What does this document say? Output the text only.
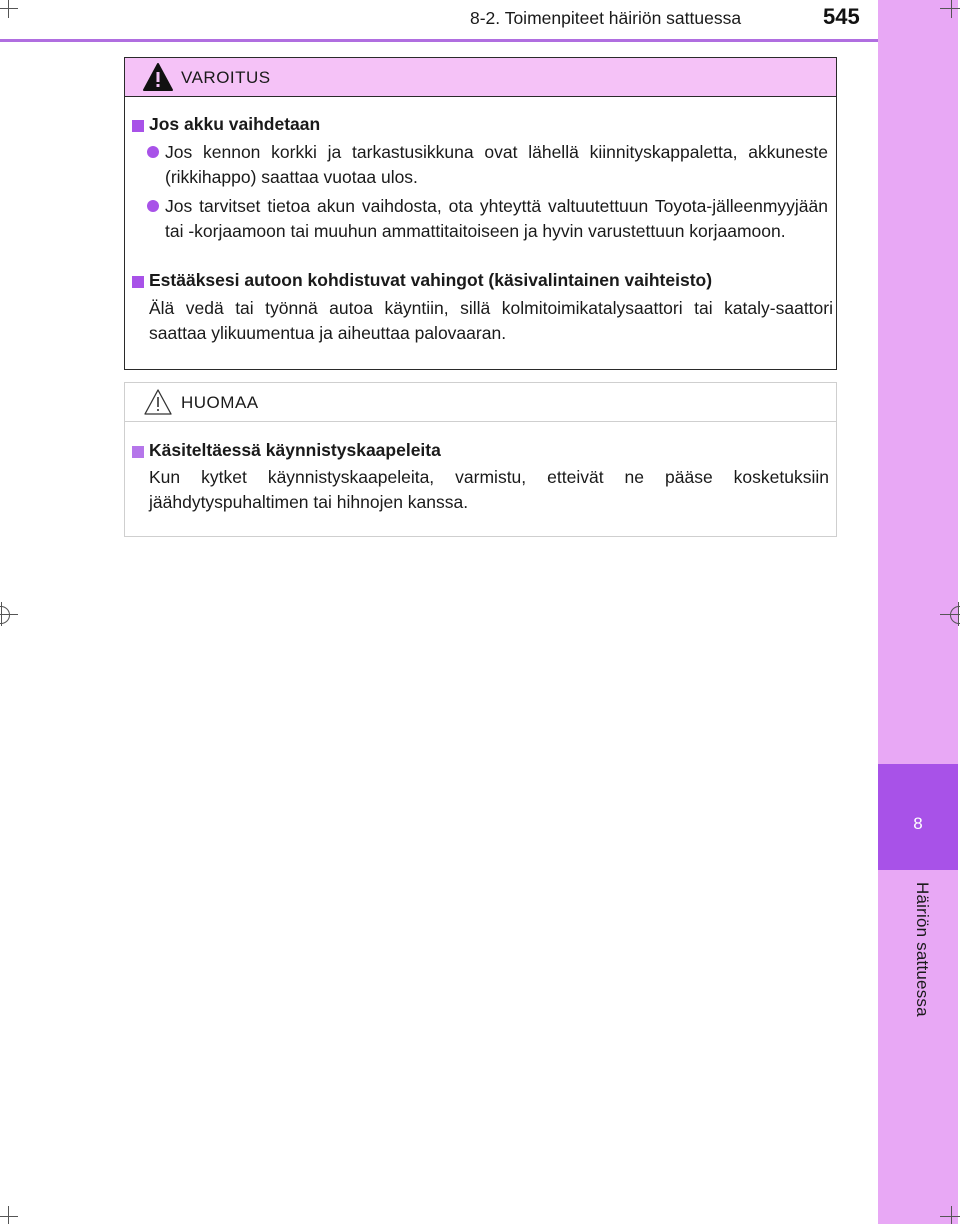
8-2. Toimenpiteet häiriön sattuessa	545
8
Häiriön sattuessa
VAROITUS
Jos akku vaihdetaan
Jos kennon korkki ja tarkastusikkuna ovat lähellä kiinnityskappaletta, akkuneste (rikkihappo) saattaa vuotaa ulos.
Jos tarvitset tietoa akun vaihdosta, ota yhteyttä valtuutettuun Toyota-jälleenmyyjään tai -korjaamoon tai muuhun ammattitaitoiseen ja hyvin varustettuun korjaamoon.
Estääksesi autoon kohdistuvat vahingot (käsivalintainen vaihteisto)
Älä vedä tai työnnä autoa käyntiin, sillä kolmitoimikatalysaattori tai kataly-saattori saattaa ylikuumentua ja aiheuttaa palovaaran.
HUOMAA
Käsiteltäessä käynnistyskaapeleita
Kun kytket käynnistyskaapeleita, varmistu, etteivät ne pääse kosketuksiin jäähdytyspuhaltimen tai hihnojen kanssa.
